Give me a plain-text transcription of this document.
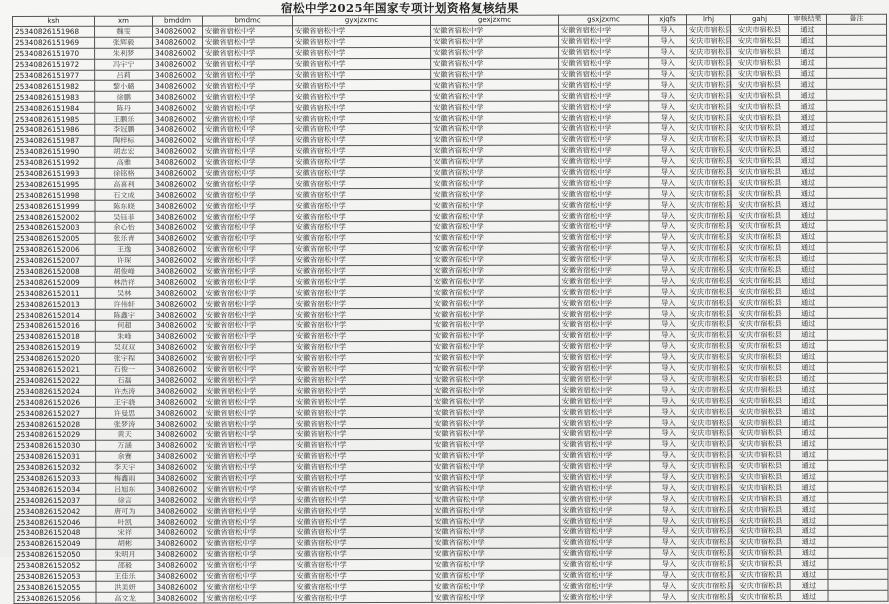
宿松中学2025年国家专项计划资格复核结果
ksh	xm	bmddm	bmdmc	gyxjzxmc	gexjzxmc	gsxjzxmc	xjqfs	lrhj	gahj	审核结果	备注
25340826151968	魏雯	340826002	安徽省宿松中学	安徽省宿松中学	安徽省宿松中学	安徽省宿松中学	导入	安庆市宿松县	安庆市宿松县	通过	
25340826151969	张辉毅	340826002	安徽省宿松中学	安徽省宿松中学	安徽省宿松中学	安徽省宿松中学	导入	安庆市宿松县	安庆市宿松县	通过	
25340826151970	朱利梦	340826002	安徽省宿松中学	安徽省宿松中学	安徽省宿松中学	安徽省宿松中学	导入	安庆市宿松县	安庆市宿松县	通过	
25340826151972	冯宇宁	340826002	安徽省宿松中学	安徽省宿松中学	安徽省宿松中学	安徽省宿松中学	导入	安庆市宿松县	安庆市宿松县	通过	
25340826151977	吕莉	340826002	安徽省宿松中学	安徽省宿松中学	安徽省宿松中学	安徽省宿松中学	导入	安庆市宿松县	安庆市宿松县	通过	
25340826151982	黎小璐	340826002	安徽省宿松中学	安徽省宿松中学	安徽省宿松中学	安徽省宿松中学	导入	安庆市宿松县	安庆市宿松县	通过	
25340826151983	徐鹏	340826002	安徽省宿松中学	安徽省宿松中学	安徽省宿松中学	安徽省宿松中学	导入	安庆市宿松县	安庆市宿松县	通过	
25340826151984	陈丹	340826002	安徽省宿松中学	安徽省宿松中学	安徽省宿松中学	安徽省宿松中学	导入	安庆市宿松县	安庆市宿松县	通过	
25340826151985	王鹏乐	340826002	安徽省宿松中学	安徽省宿松中学	安徽省宿松中学	安徽省宿松中学	导入	安庆市宿松县	安庆市宿松县	通过	
25340826151986	李冠鹏	340826002	安徽省宿松中学	安徽省宿松中学	安徽省宿松中学	安徽省宿松中学	导入	安庆市宿松县	安庆市宿松县	通过	
25340826151987	陶梓标	340826002	安徽省宿松中学	安徽省宿松中学	安徽省宿松中学	安徽省宿松中学	导入	安庆市宿松县	安庆市宿松县	通过	
25340826151990	胡志宏	340826002	安徽省宿松中学	安徽省宿松中学	安徽省宿松中学	安徽省宿松中学	导入	安庆市宿松县	安庆市宿松县	通过	
25340826151992	高雅	340826002	安徽省宿松中学	安徽省宿松中学	安徽省宿松中学	安徽省宿松中学	导入	安庆市宿松县	安庆市宿松县	通过	
25340826151993	徐铭格	340826002	安徽省宿松中学	安徽省宿松中学	安徽省宿松中学	安徽省宿松中学	导入	安庆市宿松县	安庆市宿松县	通过	
25340826151995	高喜利	340826002	安徽省宿松中学	安徽省宿松中学	安徽省宿松中学	安徽省宿松中学	导入	安庆市宿松县	安庆市宿松县	通过	
25340826151998	石文成	340826002	安徽省宿松中学	安徽省宿松中学	安徽省宿松中学	安徽省宿松中学	导入	安庆市宿松县	安庆市宿松县	通过	
25340826151999	陈东晓	340826002	安徽省宿松中学	安徽省宿松中学	安徽省宿松中学	安徽省宿松中学	导入	安庆市宿松县	安庆市宿松县	通过	
25340826152002	吴钰菲	340826002	安徽省宿松中学	安徽省宿松中学	安徽省宿松中学	安徽省宿松中学	导入	安庆市宿松县	安庆市宿松县	通过	
25340826152003	余心怡	340826002	安徽省宿松中学	安徽省宿松中学	安徽省宿松中学	安徽省宿松中学	导入	安庆市宿松县	安庆市宿松县	通过	
25340826152005	张乐青	340826002	安徽省宿松中学	安徽省宿松中学	安徽省宿松中学	安徽省宿松中学	导入	安庆市宿松县	安庆市宿松县	通过	
25340826152006	王逸	340826002	安徽省宿松中学	安徽省宿松中学	安徽省宿松中学	安徽省宿松中学	导入	安庆市宿松县	安庆市宿松县	通过	
25340826152007	许琛	340826002	安徽省宿松中学	安徽省宿松中学	安徽省宿松中学	安徽省宿松中学	导入	安庆市宿松县	安庆市宿松县	通过	
25340826152008	胡俊峰	340826002	安徽省宿松中学	安徽省宿松中学	安徽省宿松中学	安徽省宿松中学	导入	安庆市宿松县	安庆市宿松县	通过	
25340826152009	林浩祥	340826002	安徽省宿松中学	安徽省宿松中学	安徽省宿松中学	安徽省宿松中学	导入	安庆市宿松县	安庆市宿松县	通过	
25340826152011	吴林	340826002	安徽省宿松中学	安徽省宿松中学	安徽省宿松中学	安徽省宿松中学	导入	安庆市宿松县	安庆市宿松县	通过	
25340826152013	许伟轩	340826002	安徽省宿松中学	安徽省宿松中学	安徽省宿松中学	安徽省宿松中学	导入	安庆市宿松县	安庆市宿松县	通过	
25340826152014	陈鑫宇	340826002	安徽省宿松中学	安徽省宿松中学	安徽省宿松中学	安徽省宿松中学	导入	安庆市宿松县	安庆市宿松县	通过	
25340826152016	何超	340826002	安徽省宿松中学	安徽省宿松中学	安徽省宿松中学	安徽省宿松中学	导入	安庆市宿松县	安庆市宿松县	通过	
25340826152018	朱峰	340826002	安徽省宿松中学	安徽省宿松中学	安徽省宿松中学	安徽省宿松中学	导入	安庆市宿松县	安庆市宿松县	通过	
25340826152019	吴双双	340826002	安徽省宿松中学	安徽省宿松中学	安徽省宿松中学	安徽省宿松中学	导入	安庆市宿松县	安庆市宿松县	通过	
25340826152020	张宇程	340826002	安徽省宿松中学	安徽省宿松中学	安徽省宿松中学	安徽省宿松中学	导入	安庆市宿松县	安庆市宿松县	通过	
25340826152021	石俊一	340826002	安徽省宿松中学	安徽省宿松中学	安徽省宿松中学	安徽省宿松中学	导入	安庆市宿松县	安庆市宿松县	通过	
25340826152022	石磊	340826002	安徽省宿松中学	安徽省宿松中学	安徽省宿松中学	安徽省宿松中学	导入	安庆市宿松县	安庆市宿松县	通过	
25340826152024	许杰涛	340826002	安徽省宿松中学	安徽省宿松中学	安徽省宿松中学	安徽省宿松中学	导入	安庆市宿松县	安庆市宿松县	通过	
25340826152026	王宇骁	340826002	安徽省宿松中学	安徽省宿松中学	安徽省宿松中学	安徽省宿松中学	导入	安庆市宿松县	安庆市宿松县	通过	
25340826152027	许曼思	340826002	安徽省宿松中学	安徽省宿松中学	安徽省宿松中学	安徽省宿松中学	导入	安庆市宿松县	安庆市宿松县	通过	
25340826152028	张梦涛	340826002	安徽省宿松中学	安徽省宿松中学	安徽省宿松中学	安徽省宿松中学	导入	安庆市宿松县	安庆市宿松县	通过	
25340826152029	黄天	340826002	安徽省宿松中学	安徽省宿松中学	安徽省宿松中学	安徽省宿松中学	导入	安庆市宿松县	安庆市宿松县	通过	
25340826152030	万涵	340826002	安徽省宿松中学	安徽省宿松中学	安徽省宿松中学	安徽省宿松中学	导入	安庆市宿松县	安庆市宿松县	通过	
25340826152031	余赛	340826002	安徽省宿松中学	安徽省宿松中学	安徽省宿松中学	安徽省宿松中学	导入	安庆市宿松县	安庆市宿松县	通过	
25340826152032	李天宇	340826002	安徽省宿松中学	安徽省宿松中学	安徽省宿松中学	安徽省宿松中学	导入	安庆市宿松县	安庆市宿松县	通过	
25340826152033	梅鑫雨	340826002	安徽省宿松中学	安徽省宿松中学	安徽省宿松中学	安徽省宿松中学	导入	安庆市宿松县	安庆市宿松县	通过	
25340826152034	吕旭东	340826002	安徽省宿松中学	安徽省宿松中学	安徽省宿松中学	安徽省宿松中学	导入	安庆市宿松县	安庆市宿松县	通过	
25340826152037	徐言	340826002	安徽省宿松中学	安徽省宿松中学	安徽省宿松中学	安徽省宿松中学	导入	安庆市宿松县	安庆市宿松县	通过	
25340826152042	唐可为	340826002	安徽省宿松中学	安徽省宿松中学	安徽省宿松中学	安徽省宿松中学	导入	安庆市宿松县	安庆市宿松县	通过	
25340826152046	叶凯	340826002	安徽省宿松中学	安徽省宿松中学	安徽省宿松中学	安徽省宿松中学	导入	安庆市宿松县	安庆市宿松县	通过	
25340826152048	宋祥	340826002	安徽省宿松中学	安徽省宿松中学	安徽省宿松中学	安徽省宿松中学	导入	安庆市宿松县	安庆市宿松县	通过	
25340826152049	胡彬	340826002	安徽省宿松中学	安徽省宿松中学	安徽省宿松中学	安徽省宿松中学	导入	安庆市宿松县	安庆市宿松县	通过	
25340826152050	朱明月	340826002	安徽省宿松中学	安徽省宿松中学	安徽省宿松中学	安徽省宿松中学	导入	安庆市宿松县	安庆市宿松县	通过	
25340826152052	邵毅	340826002	安徽省宿松中学	安徽省宿松中学	安徽省宿松中学	安徽省宿松中学	导入	安庆市宿松县	安庆市宿松县	通过	
25340826152053	王佳乐	340826002	安徽省宿松中学	安徽省宿松中学	安徽省宿松中学	安徽省宿松中学	导入	安庆市宿松县	安庆市宿松县	通过	
25340826152055	洪美妍	340826002	安徽省宿松中学	安徽省宿松中学	安徽省宿松中学	安徽省宿松中学	导入	安庆市宿松县	安庆市宿松县	通过	
25340826152056	高文龙	340826002	安徽省宿松中学	安徽省宿松中学	安徽省宿松中学	安徽省宿松中学	导入	安庆市宿松县	安庆市宿松县	通过	
